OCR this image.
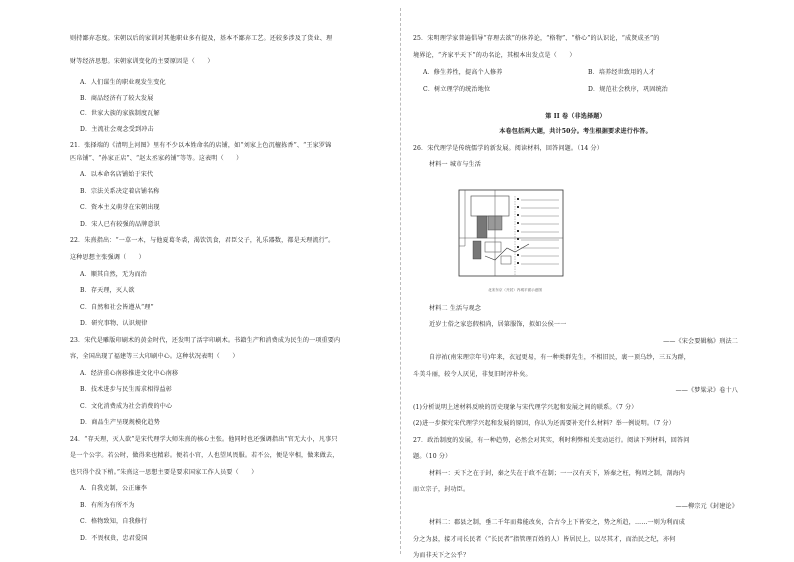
则持鄙弃态度。宋朝以后的家训对其他职业多有提及，基本不鄙弃工艺。还较多涉及了货业、理
财等经济思想。宋朝家训变化的主要原因是（　　）
A．人们谋生的职业观发生变化
B．商品经济有了较大发展
C．世家大族的家族制度瓦解
D．主流社会观念受到冲击
21．张择端的《清明上河图》里有不少以本姓命名的店铺，如“刘家上色沉檀拣香”、“王家罗锦
匹帛铺”、“孙家正店”、“赵太丞家药铺”等等。这表明（　　）
A．以本命名店铺始于宋代
B．宗法关系决定着店铺名称
C．资本主义萌芽在宋朝出现
D．宋人已有较强的品牌意识
22．朱熹指出：“一草一木，与他夏葛冬裘，渴饮饥食，君臣父子，礼乐器数，都是天理流行”。
这种思想主张强调（　　）
A．顺其自然，无为而治
B．存天理，灭人欲
C．自然和社会皆遵从“理”
D．研究事物、认识规律
23．宋代是雕版印刷术的黄金时代，还发明了活字印刷术。书籍生产和消费成为民生的一项重要内
容，全国出现了福建等三大印刷中心。这种状况表明（　　）
A．经济重心南移推进文化中心南移
B．技术进步与民生需求相得益彰
C．文化消费成为社会消费的中心
D．商品生产呈现规模化趋势
24．“存天理，灭人欲”是宋代理学大师朱熹的核心主张。他同时也还强调指出“官无大小，凡事只
是一个公字。若公时，做得来也精彩。便若小官，人也望风畏服。若不公，便是宰相，做来做去，
也只得个没下梢。”朱熹这一思想主要是要求国家工作人员要（　　）
A．自我克制，公正廉李
B．有所为有所不为
C．格物致知，自我修行
D．不畏权贵，忠君爱国
25．宋明理学家普遍倡导“存理去欲”的休养论，“格物”、“格心”的认识论，“成贤成圣”的
境界论，“齐家平天下”的功名论，其根本出发点是（　　）
A．修生养性，提高个人修养	B．培养经世致用的人才
C．树立理学的统治地位	D．规范社会秩序，巩固统治
第 II 卷（非选择题）
本卷包括两大题，共计50分。考生根据要求进行作答。
26．宋代理学是传统儒学的新发展。阅读材料，回答问题。（14 分）
材料一 城市与生活
北宋东京（开封）内城平面示意图
材料二 生活与观念
近岁士俗之家恣假相尚，居第服饰，拟如公侯一一
——《宋会要辑稿》刑法二
自淳祐(南宋理宗年号)年来，衣冠更易，有一种类群先生，不相旧民，裹一顶乌纱，三五为群，
斗美斗丽，较令人厌见，非复旧时淳朴矣。
——《梦粱录》卷十八
(1)分析说明上述材料反映的历史现象与宋代理学兴起和发展之间的联系。（7 分）
(2)进一步探究宋代理学兴起和发展的原因，你认为还需要补充什么材料？举一例说明。（7 分）
27．政治制度的发展，有一种趋势，必然会对其实，利时利弊相关变动运行。阅读下列材料，回答问
题。（10 分）
材料一：天下之在于封，秦之失在于政不在制；一一汉有天下，矫秦之枉，徇周之制，剖海内
而立宗子，封功臣。
——柳宗元《封建论》
材料二：郡县之制，垂二千年而弗能改矣，合古今上下皆安之，势之所趋，……一则为利而成
分之为县，接才司长民者（“长民者”指管理百姓的人）皆居民上，以尽其才，而治民之纪，亦何
为而非天下之公乎？
